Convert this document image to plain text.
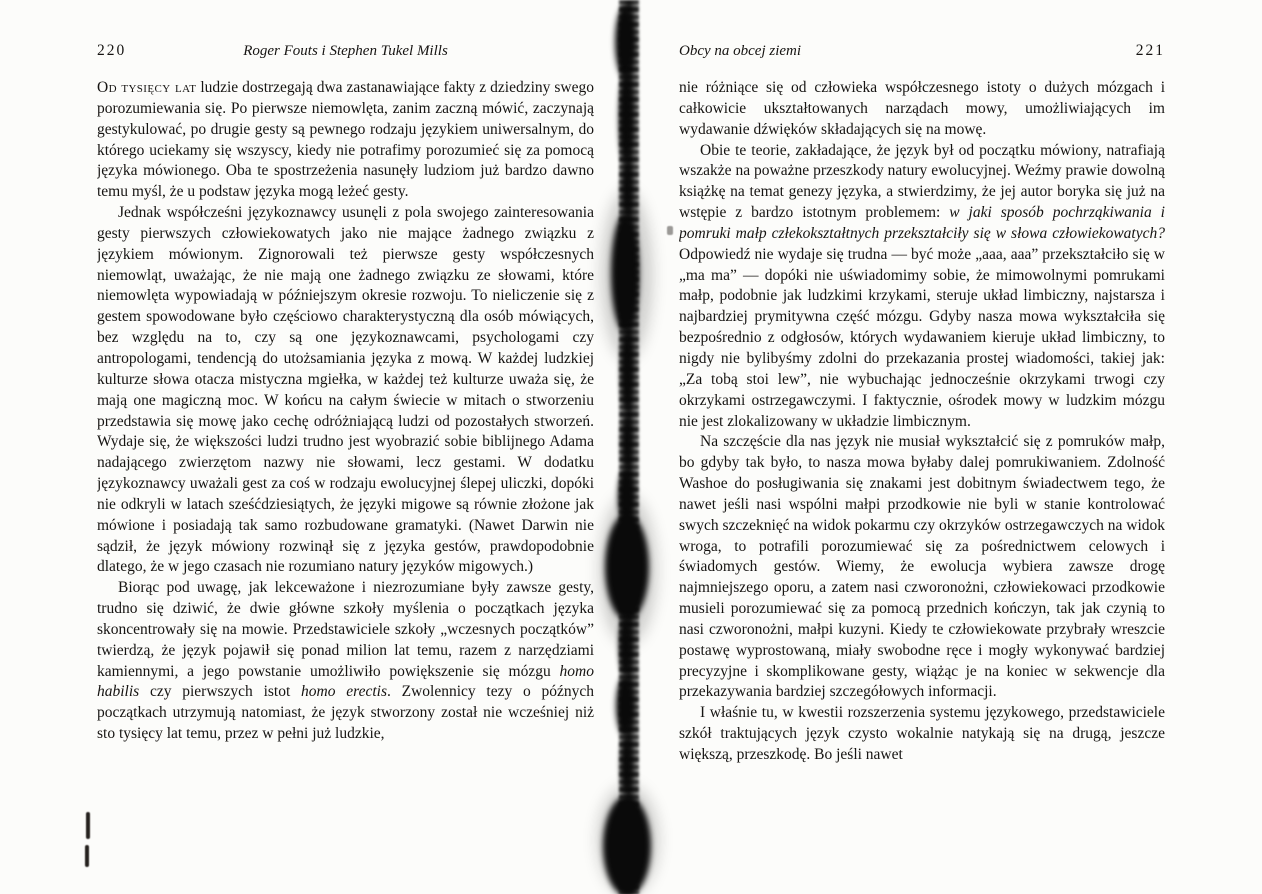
220	Roger Fouts i Stephen Tukel Mills

Od tysięcy lat ludzie dostrzegają dwa zastanawiające fakty z dziedziny swego porozumiewania się. Po pierwsze niemowlęta, zanim zaczną mówić, zaczynają gestykulować, po drugie gesty są pewnego rodzaju językiem uniwersalnym, do którego uciekamy się wszyscy, kiedy nie potrafimy porozumieć się za pomocą języka mówionego. Oba te spostrzeżenia nasunęły ludziom już bardzo dawno temu myśl, że u podstaw języka mogą leżeć gesty.

Jednak współcześni językoznawcy usunęli z pola swojego zainteresowania gesty pierwszych człowiekowatych jako nie mające żadnego związku z językiem mówionym. Zignorowali też pierwsze gesty współczesnych niemowląt, uważając, że nie mają one żadnego związku ze słowami, które niemowlęta wypowiadają w późniejszym okresie rozwoju. To nieliczenie się z gestem spowodowane było częściowo charakterystyczną dla osób mówiących, bez względu na to, czy są one językoznawcami, psychologami czy antropologami, tendencją do utożsamiania języka z mową. W każdej ludzkiej kulturze słowa otacza mistyczna mgiełka, w każdej też kulturze uważa się, że mają one magiczną moc. W końcu na całym świecie w mitach o stworzeniu przedstawia się mowę jako cechę odróżniającą ludzi od pozostałych stworzeń. Wydaje się, że większości ludzi trudno jest wyobrazić sobie biblijnego Adama nadającego zwierzętom nazwy nie słowami, lecz gestami. W dodatku językoznawcy uważali gest za coś w rodzaju ewolucyjnej ślepej uliczki, dopóki nie odkryli w latach sześćdziesiątych, że języki migowe są równie złożone jak mówione i posiadają tak samo rozbudowane gramatyki. (Nawet Darwin nie sądził, że język mówiony rozwinął się z języka gestów, prawdopodobnie dlatego, że w jego czasach nie rozumiano natury języków migowych.)

Biorąc pod uwagę, jak lekceważone i niezrozumiane były zawsze gesty, trudno się dziwić, że dwie główne szkoły myślenia o początkach języka skoncentrowały się na mowie. Przedstawiciele szkoły „wczesnych początków” twierdzą, że język pojawił się ponad milion lat temu, razem z narzędziami kamiennymi, a jego powstanie umożliwiło powiększenie się mózgu homo habilis czy pierwszych istot homo erectis. Zwolennicy tezy o późnych początkach utrzymują natomiast, że język stworzony został nie wcześniej niż sto tysięcy lat temu, przez w pełni już ludzkie,

Obcy na obcej ziemi	221

nie różniące się od człowieka współczesnego istoty o dużych mózgach i całkowicie ukształtowanych narządach mowy, umożliwiających im wydawanie dźwięków składających się na mowę.

Obie te teorie, zakładające, że język był od początku mówiony, natrafiają wszakże na poważne przeszkody natury ewolucyjnej. Weźmy prawie dowolną książkę na temat genezy języka, a stwierdzimy, że jej autor boryka się już na wstępie z bardzo istotnym problemem: w jaki sposób pochrząkiwania i pomruki małp człekokształtnych przekształciły się w słowa człowiekowatych? Odpowiedź nie wydaje się trudna — być może „aaa, aaa” przekształciło się w „ma ma” — dopóki nie uświadomimy sobie, że mimowolnymi pomrukami małp, podobnie jak ludzkimi krzykami, steruje układ limbiczny, najstarsza i najbardziej prymitywna część mózgu. Gdyby nasza mowa wykształciła się bezpośrednio z odgłosów, których wydawaniem kieruje układ limbiczny, to nigdy nie bylibyśmy zdolni do przekazania prostej wiadomości, takiej jak: „Za tobą stoi lew”, nie wybuchając jednocześnie okrzykami trwogi czy okrzykami ostrzegawczymi. I faktycznie, ośrodek mowy w ludzkim mózgu nie jest zlokalizowany w układzie limbicznym.

Na szczęście dla nas język nie musiał wykształcić się z pomruków małp, bo gdyby tak było, to nasza mowa byłaby dalej pomrukiwaniem. Zdolność Washoe do posługiwania się znakami jest dobitnym świadectwem tego, że nawet jeśli nasi wspólni małpi przodkowie nie byli w stanie kontrolować swych szczeknięć na widok pokarmu czy okrzyków ostrzegawczych na widok wroga, to potrafili porozumiewać się za pośrednictwem celowych i świadomych gestów. Wiemy, że ewolucja wybiera zawsze drogę najmniejszego oporu, a zatem nasi czworonożni, człowiekowaci przodkowie musieli porozumiewać się za pomocą przednich kończyn, tak jak czynią to nasi czworonożni, małpi kuzyni. Kiedy te człowiekowate przybrały wreszcie postawę wyprostowaną, miały swobodne ręce i mogły wykonywać bardziej precyzyjne i skomplikowane gesty, wiążąc je na koniec w sekwencje dla przekazywania bardziej szczegółowych informacji.

I właśnie tu, w kwestii rozszerzenia systemu językowego, przedstawiciele szkół traktujących język czysto wokalnie natykają się na drugą, jeszcze większą, przeszkodę. Bo jeśli nawet
